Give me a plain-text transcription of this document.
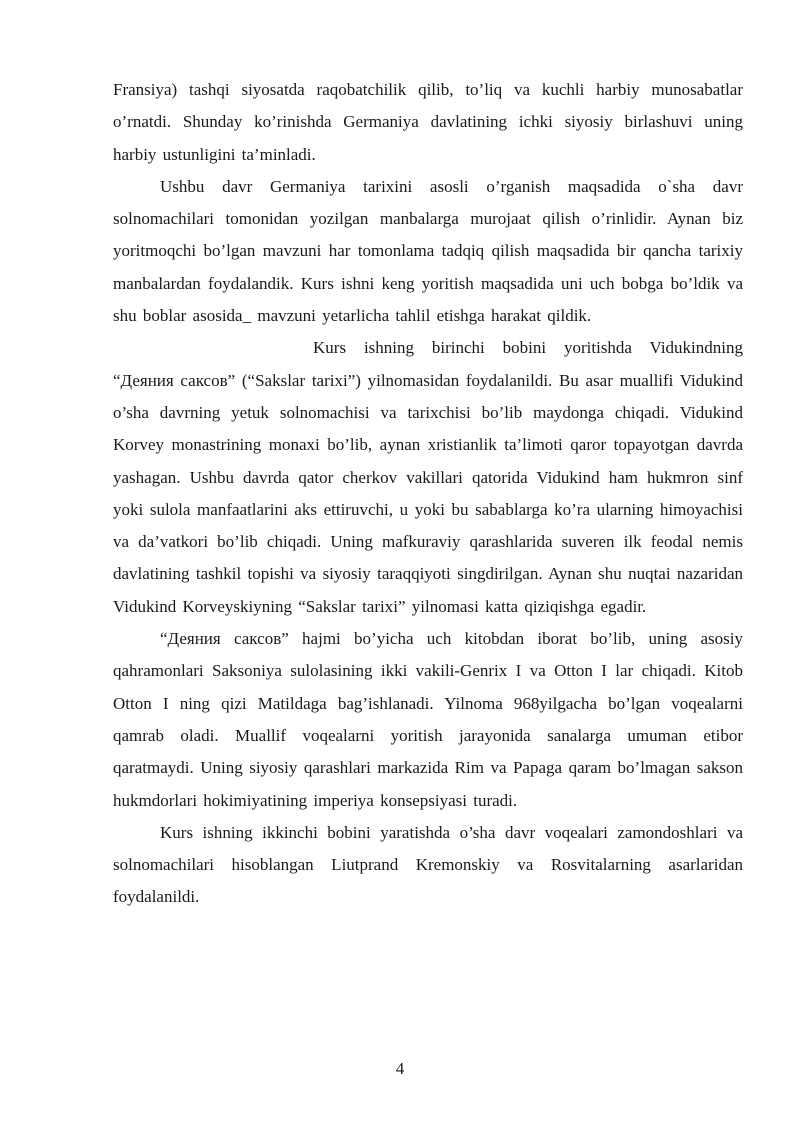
Fransiya) tashqi siyosatda raqobatchilik qilib, to’liq va kuchli harbiy munosabatlar o’rnatdi. Shunday ko’rinishda Germaniya davlatining ichki siyosiy birlashuvi uning harbiy ustunligini ta’minladi.

Ushbu davr Germaniya tarixini asosli o’rganish maqsadida o`sha davr solnomachilari tomonidan yozilgan manbalarga murojaat qilish o’rinlidir. Aynan biz yoritmoqchi bo’lgan mavzuni har tomonlama tadqiq qilish maqsadida bir qancha tarixiy manbalardan foydalandik. Kurs ishni keng yoritish maqsadida uni uch bobga bo’ldik va shu boblar asosida_ mavzuni yetarlicha tahlil etishga harakat qildik.

Kurs ishning birinchi bobini yoritishda Vidukindning “Деяния саксов” (“Sakslar tarixi”) yilnomasidan foydalanildi. Bu asar muallifi Vidukind o’sha davrning yetuk solnomachisi va tarixchisi bo’lib maydonga chiqadi. Vidukind Korvey monastrining monaxi bo’lib, aynan xristianlik ta’limoti qaror topayotgan davrda yashagan. Ushbu davrda qator cherkov vakillari qatorida Vidukind ham hukmron sinf yoki sulola manfaatlarini aks ettiruvchi, u yoki bu sabablarga ko’ra ularning himoyachisi va da’vatkori bo’lib chiqadi. Uning mafkuraviy qarashlarida suveren ilk feodal nemis davlatining tashkil topishi va siyosiy taraqqiyoti singdirilgan. Aynan shu nuqtai nazaridan Vidukind Korveyskiyning “Sakslar tarixi” yilnomasi katta qiziqishga egadir.

“Деяния саксов” hajmi bo’yicha uch kitobdan iborat bo’lib, uning asosiy qahramonlari Saksoniya sulolasining ikki vakili-Genrix I va Otton I lar chiqadi. Kitob Otton I ning qizi Matildaga bag’ishlanadi. Yilnoma 968yilgacha bo’lgan voqealarni qamrab oladi. Muallif voqealarni yoritish jarayonida sanalarga umuman etibor qaratmaydi. Uning siyosiy qarashlari markazida Rim va Papaga qaram bo’lmagan sakson hukmdorlari hokimiyatining imperiya konsepsiyasi turadi.

Kurs ishning ikkinchi bobini yaratishda o’sha davr voqealari zamondoshlari va solnomachilari hisoblangan Liutprand Kremonskiy va Rosvitalarning asarlaridan foydalanildi.

4
